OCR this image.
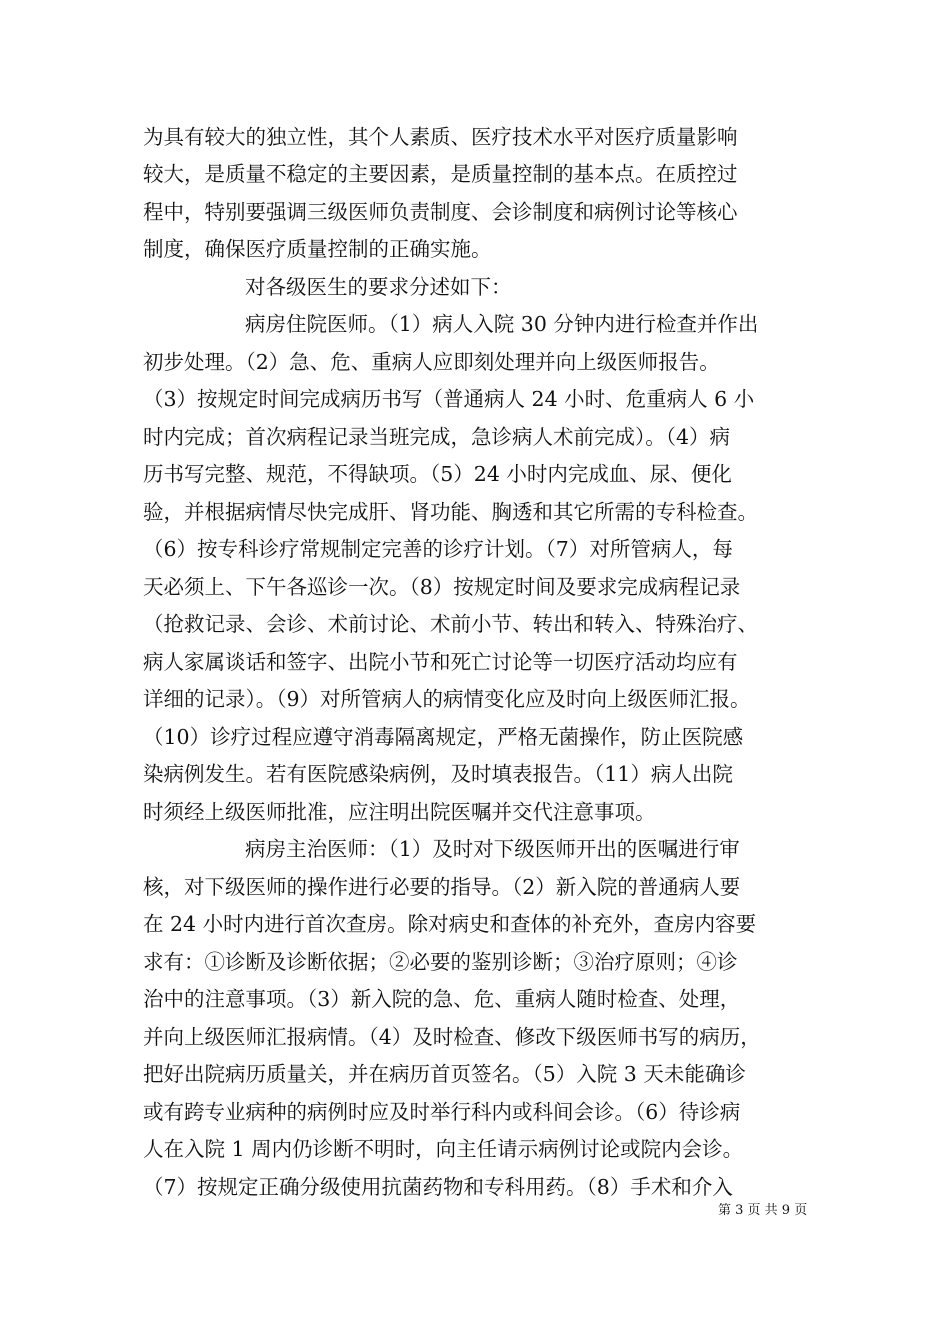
为具有较大的独立性，其个人素质、医疗技术水平对医疗质量影响
较大，是质量不稳定的主要因素，是质量控制的基本点。在质控过
程中，特别要强调三级医师负责制度、会诊制度和病例讨论等核心
制度，确保医疗质量控制的正确实施。
对各级医生的要求分述如下：
病房住院医师。（1）病人入院 30 分钟内进行检查并作出
初步处理。（2）急、危、重病人应即刻处理并向上级医师报告。
（3）按规定时间完成病历书写（普通病人 24 小时、危重病人 6 小
时内完成；首次病程记录当班完成，急诊病人术前完成）。（4）病
历书写完整、规范，不得缺项。（5）24 小时内完成血、尿、便化
验，并根据病情尽快完成肝、肾功能、胸透和其它所需的专科检查。
（6）按专科诊疗常规制定完善的诊疗计划。（7）对所管病人，每
天必须上、下午各巡诊一次。（8）按规定时间及要求完成病程记录
（抢救记录、会诊、术前讨论、术前小节、转出和转入、特殊治疗、
病人家属谈话和签字、出院小节和死亡讨论等一切医疗活动均应有
详细的记录）。（9）对所管病人的病情变化应及时向上级医师汇报。
（10）诊疗过程应遵守消毒隔离规定，严格无菌操作，防止医院感
染病例发生。若有医院感染病例，及时填表报告。（11）病人出院
时须经上级医师批准，应注明出院医嘱并交代注意事项。
病房主治医师：（1）及时对下级医师开出的医嘱进行审
核，对下级医师的操作进行必要的指导。（2）新入院的普通病人要
在 24 小时内进行首次查房。除对病史和查体的补充外，查房内容要
求有：①诊断及诊断依据；②必要的鉴别诊断；③治疗原则；④诊
治中的注意事项。（3）新入院的急、危、重病人随时检查、处理，
并向上级医师汇报病情。（4）及时检查、修改下级医师书写的病历，
把好出院病历质量关，并在病历首页签名。（5）入院 3 天未能确诊
或有跨专业病种的病例时应及时举行科内或科间会诊。（6）待诊病
人在入院 1 周内仍诊断不明时，向主任请示病例讨论或院内会诊。
（7）按规定正确分级使用抗菌药物和专科用药。（8）手术和介入
第 3 页 共 9 页
